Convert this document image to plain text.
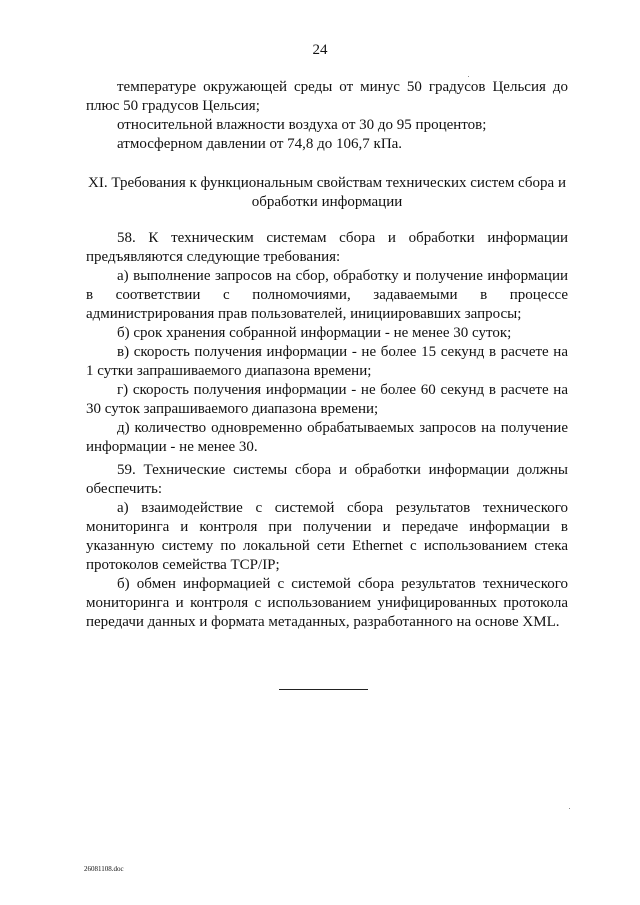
24

температуре окружающей среды от минус 50 градусов Цельсия до плюс 50 градусов Цельсия;

относительной влажности воздуха от 30 до 95 процентов;

атмосферном давлении от 74,8 до 106,7 кПа.

XI. Требования к функциональным свойствам технических систем сбора и обработки информации

58. К техническим системам сбора и обработки информации предъявляются следующие требования:

а) выполнение запросов на сбор, обработку и получение информации в соответствии с полномочиями, задаваемыми в процессе администрирования прав пользователей, инициировавших запросы;

б) срок хранения собранной информации - не менее 30 суток;

в) скорость получения информации - не более 15 секунд в расчете на 1 сутки запрашиваемого диапазона времени;

г) скорость получения информации - не более 60 секунд в расчете на 30 суток запрашиваемого диапазона времени;

д) количество одновременно обрабатываемых запросов на получение информации - не менее 30.

59. Технические системы сбора и обработки информации должны обеспечить:

а) взаимодействие с системой сбора результатов технического мониторинга и контроля при получении и передаче информации в указанную систему по локальной сети Ethernet с использованием стека протоколов семейства TCP/IP;

б) обмен информацией с системой сбора результатов технического мониторинга и контроля с использованием унифицированных протокола передачи данных и формата метаданных, разработанного на основе XML.

26081108.doc
